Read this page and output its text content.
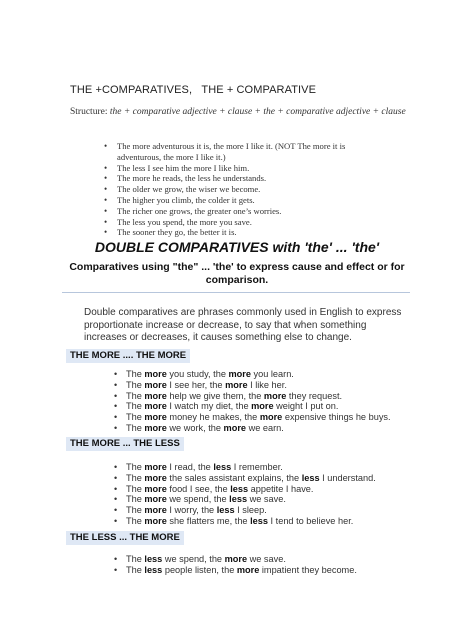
THE +COMPARATIVES,   THE + COMPARATIVE
Structure: the + comparative adjective + clause + the + comparative adjective + clause
• The more adventurous it is, the more I like it. (NOT The more it is adventurous, the more I like it.)
• The less I see him the more I like him.
• The more he reads, the less he understands.
• The older we grow, the wiser we become.
• The higher you climb, the colder it gets.
• The richer one grows, the greater one’s worries.
• The less you spend, the more you save.
• The sooner they go, the better it is.
DOUBLE COMPARATIVES with 'the' ... 'the'
Comparatives using "the" ... 'the' to express cause and effect or for comparison.
Double comparatives are phrases commonly used in English to express proportionate increase or decrease, to say that when something increases or decreases, it causes something else to change.
THE MORE .... THE MORE
• The more you study, the more you learn.
• The more I see her, the more I like her.
• The more help we give them, the more they request.
• The more I watch my diet, the more weight I put on.
• The more money he makes, the more expensive things he buys.
• The more we work, the more we earn.
THE MORE ... THE LESS
• The more I read, the less I remember.
• The more the sales assistant explains, the less I understand.
• The more food I see, the less appetite I have.
• The more we spend, the less we save.
• The more I worry, the less I sleep.
• The more she flatters me, the less I tend to believe her.
THE LESS ... THE MORE
• The less we spend, the more we save.
• The less people listen, the more impatient they become.
